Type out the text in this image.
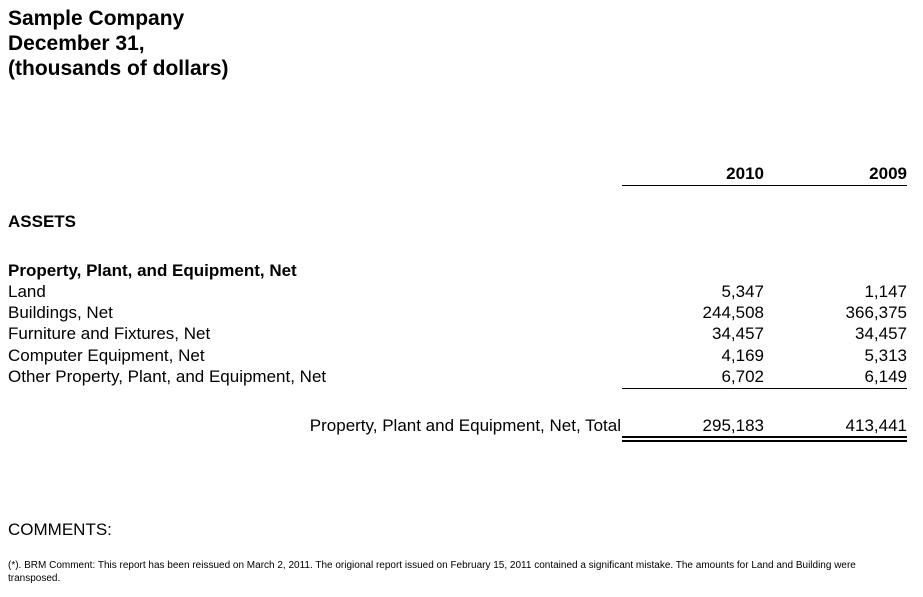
Sample Company
December 31,
(thousands of dollars)
2010	2009
ASSETS
Property, Plant, and Equipment, Net
Land	5,347	1,147
Buildings, Net	244,508	366,375
Furniture and Fixtures, Net	34,457	34,457
Computer Equipment, Net	4,169	5,313
Other Property, Plant, and Equipment, Net	6,702	6,149
Property, Plant and Equipment, Net, Total	295,183	413,441
COMMENTS:
(*). BRM Comment: This report has been reissued on March 2, 2011. The origional report issued on February 15, 2011 contained a significant mistake. The amounts for Land and Building were transposed.
